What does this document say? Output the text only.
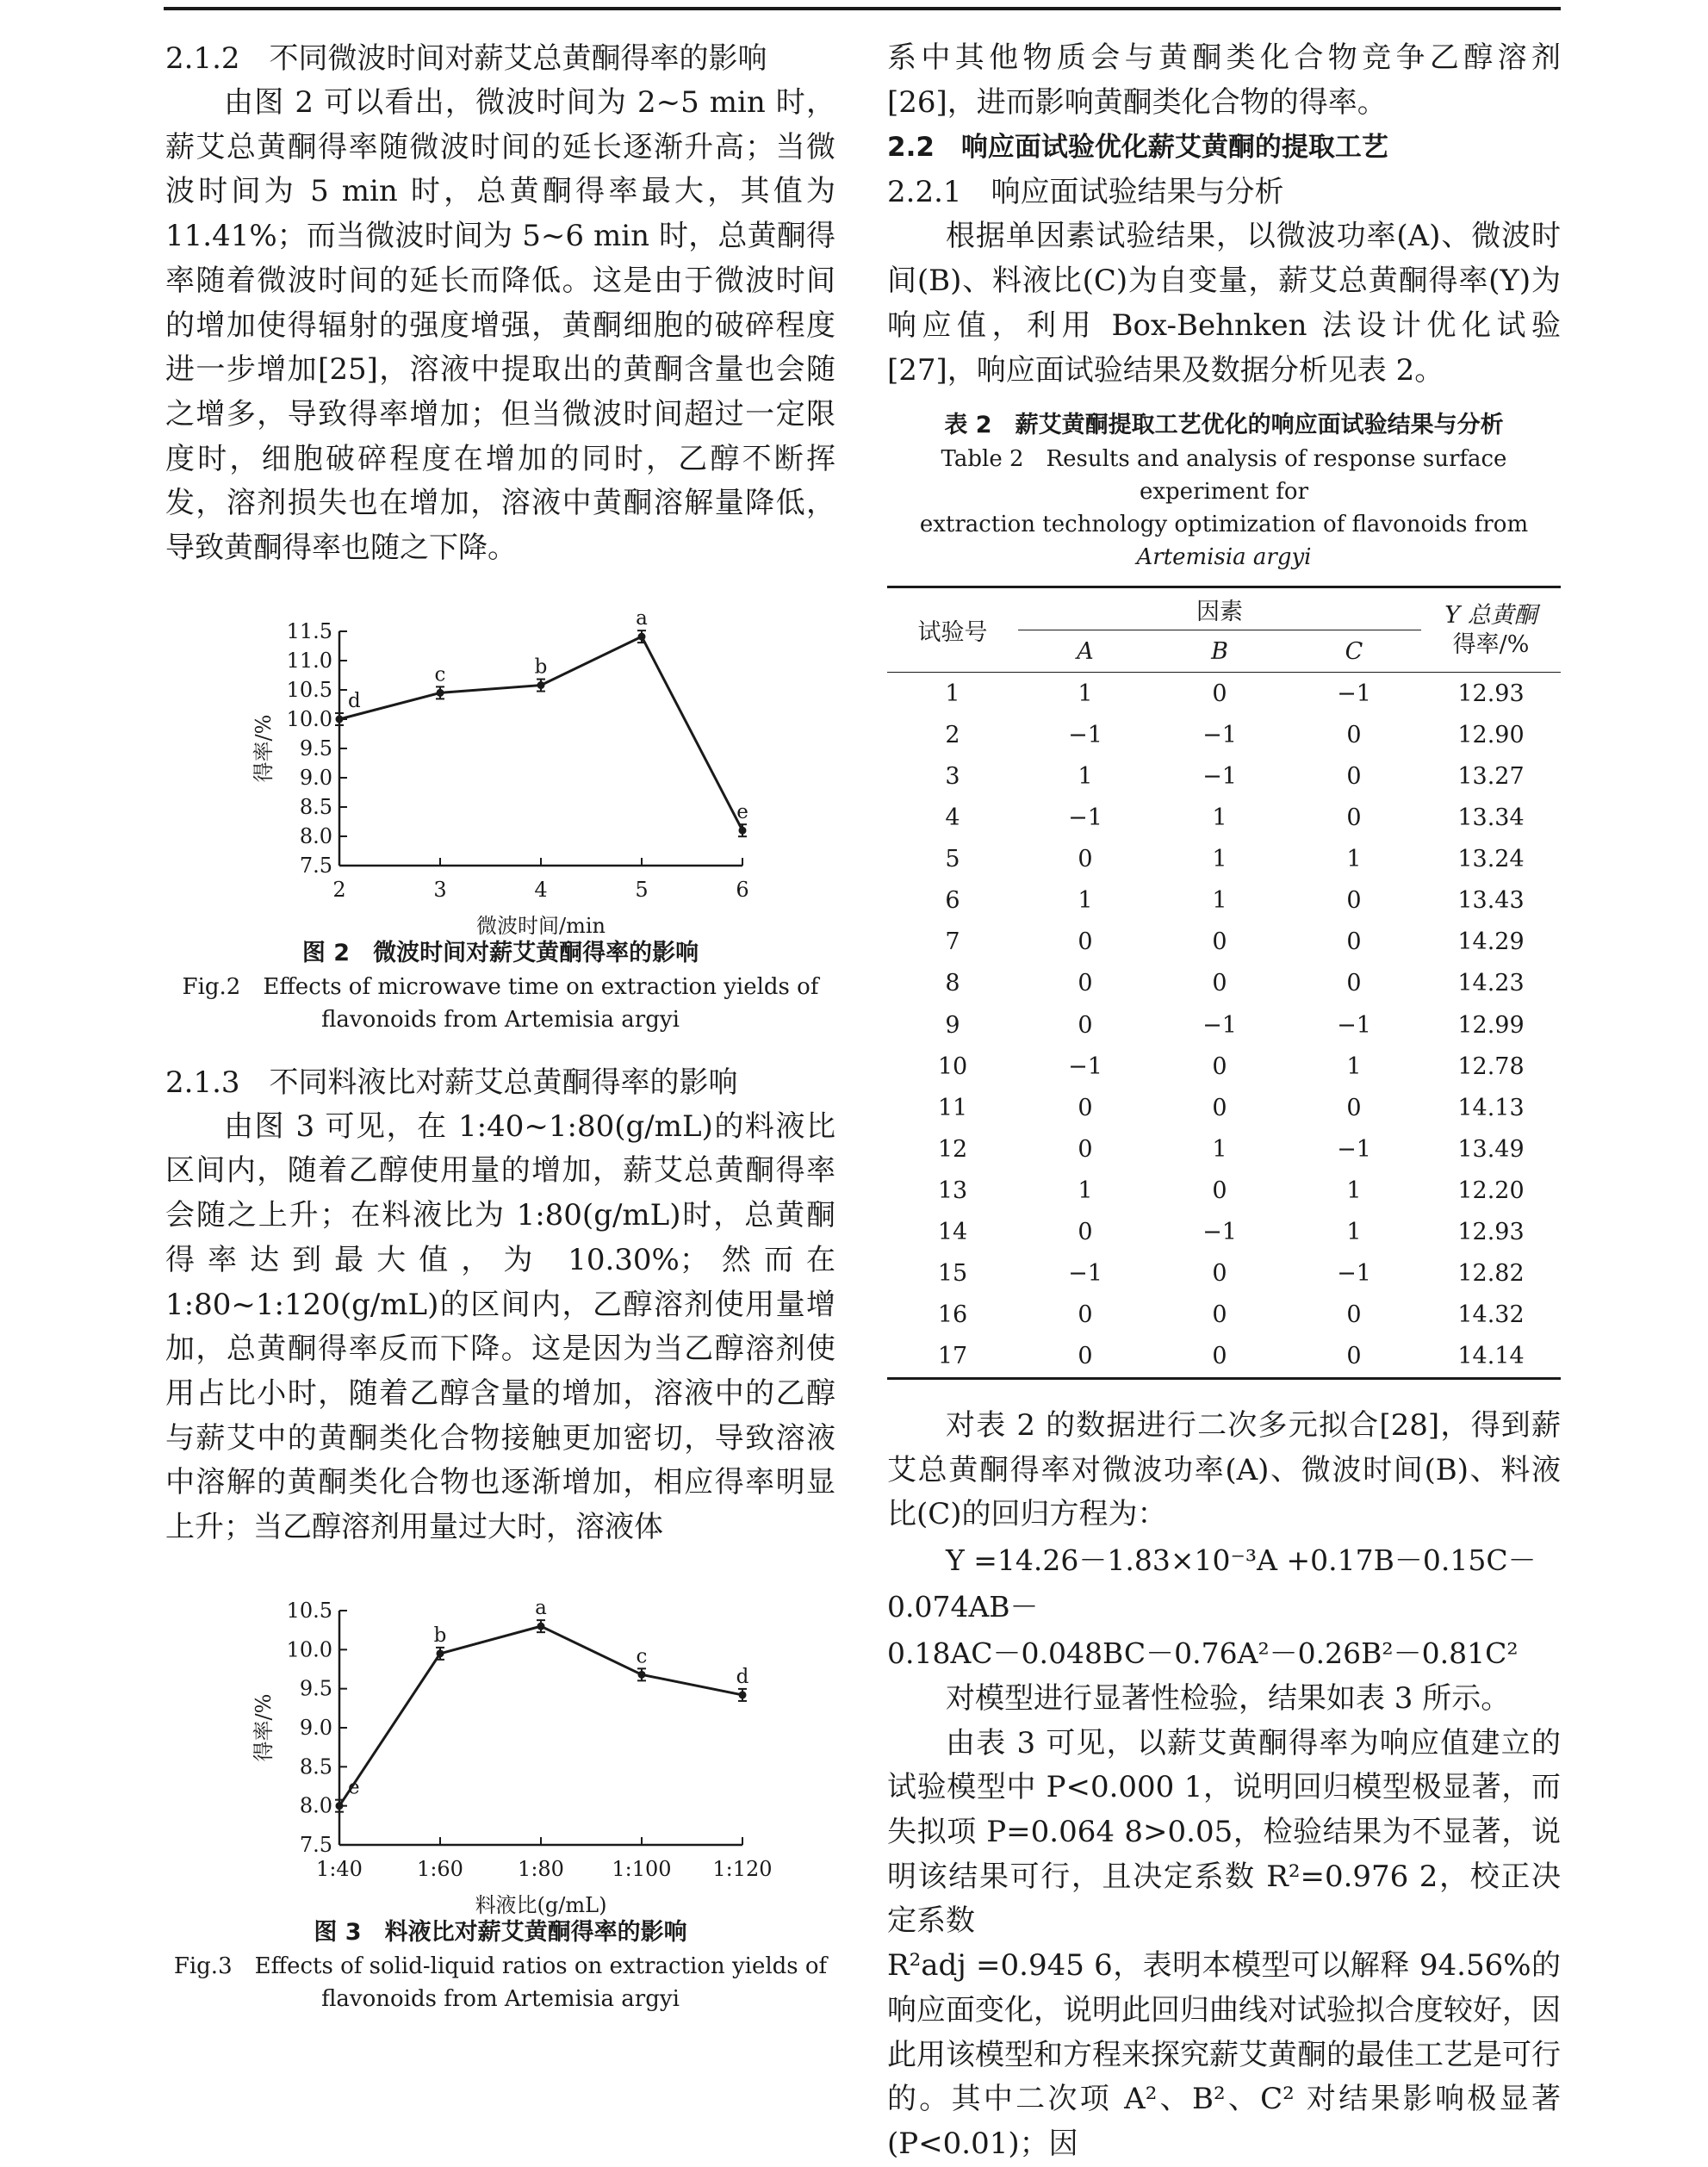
2.1.2　不同微波时间对薪艾总黄酮得率的影响

由图 2 可以看出，微波时间为 2~5 min 时，薪艾总黄酮得率随微波时间的延长逐渐升高；当微波时间为 5 min 时，总黄酮得率最大，其值为 11.41%；而当微波时间为 5~6 min 时，总黄酮得率随着微波时间的延长而降低。这是由于微波时间的增加使得辐射的强度增强，黄酮细胞的破碎程度进一步增加[25]，溶液中提取出的黄酮含量也会随之增多，导致得率增加；但当微波时间超过一定限度时，细胞破碎程度在增加的同时，乙醇不断挥发，溶剂损失也在增加，溶液中黄酮溶解量降低，导致黄酮得率也随之下降。

7.5
8.0
8.5
9.0
9.5
10.0
10.5
11.0
11.5
2	3	4	5	6
微波时间/min
得率/%
d
c	b
a
e

图 2　微波时间对薪艾黄酮得率的影响

Fig.2　Effects of microwave time on extraction yields of

flavonoids from Artemisia argyi

2.1.3　不同料液比对薪艾总黄酮得率的影响

由图 3 可见，在 1:40~1:80(g/mL)的料液比区间内，随着乙醇使用量的增加，薪艾总黄酮得率会随之上升；在料液比为 1:80(g/mL)时，总黄酮得率达到最大值，为 10.30%；然而在 1:80~1:120(g/mL)的区间内，乙醇溶剂使用量增加，总黄酮得率反而下降。这是因为当乙醇溶剂使用占比小时，随着乙醇含量的增加，溶液中的乙醇与薪艾中的黄酮类化合物接触更加密切，导致溶液中溶解的黄酮类化合物也逐渐增加，相应得率明显上升；当乙醇溶剂用量过大时，溶液体

7.5
8.0
8.5
9.0
9.5
10.0
10.5
1:40	1:60	1:80 1:100 1:120
料液比(g/mL)
得率/%
e
b
a
c
d

图 3　料液比对薪艾黄酮得率的影响

Fig.3　Effects of solid-liquid ratios on extraction yields of

flavonoids from Artemisia argyi

系中其他物质会与黄酮类化合物竞争乙醇溶剂[26]，进而影响黄酮类化合物的得率。

2.2　响应面试验优化薪艾黄酮的提取工艺
2.2.1　响应面试验结果与分析

根据单因素试验结果，以微波功率(A)、微波时间(B)、料液比(C)为自变量，薪艾总黄酮得率(Y)为响应值，利用 Box-Behnken 法设计优化试验[27]，响应面试验结果及数据分析见表 2。

表 2　薪艾黄酮提取工艺优化的响应面试验结果与分析

Table 2　Results and analysis of response surface experiment for

extraction technology optimization of flavonoids from

Artemisia argyi

试验号	因素			Y 总黄酮
得率/%
	A	B	C	
1	1	0	−1	12.93
2	−1	−1	0	12.90
3	1	−1	0	13.27
4	−1	1	0	13.34
5	0	1	1	13.24
6	1	1	0	13.43
7	0	0	0	14.29
8	0	0	0	14.23
9	0	−1	−1	12.99
10	−1	0	1	12.78
11	0	0	0	14.13
12	0	1	−1	13.49
13	1	0	1	12.20
14	0	−1	1	12.93
15	−1	0	−1	12.82
16	0	0	0	14.32
17	0	0	0	14.14

对表 2 的数据进行二次多元拟合[28]，得到薪艾总黄酮得率对微波功率(A)、微波时间(B)、料液比(C)的回归方程为：

Y =14.26－1.83×10⁻³A +0.17B－0.15C－0.074AB－

0.18AC－0.048BC－0.76A²－0.26B²－0.81C²

对模型进行显著性检验，结果如表 3 所示。

由表 3 可见，以薪艾黄酮得率为响应值建立的试验模型中 P<0.000 1，说明回归模型极显著，而失拟项 P=0.064 8>0.05，检验结果为不显著，说明该结果可行，且决定系数 R²=0.976 2，校正决定系数

R²adj =0.945 6，表明本模型可以解释 94.56%的响应面变化，说明此回归曲线对试验拟合度较好，因此用该模型和方程来探究薪艾黄酮的最佳工艺是可行的。其中二次项 A²、B²、C² 对结果影响极显著(P<0.01)；因
